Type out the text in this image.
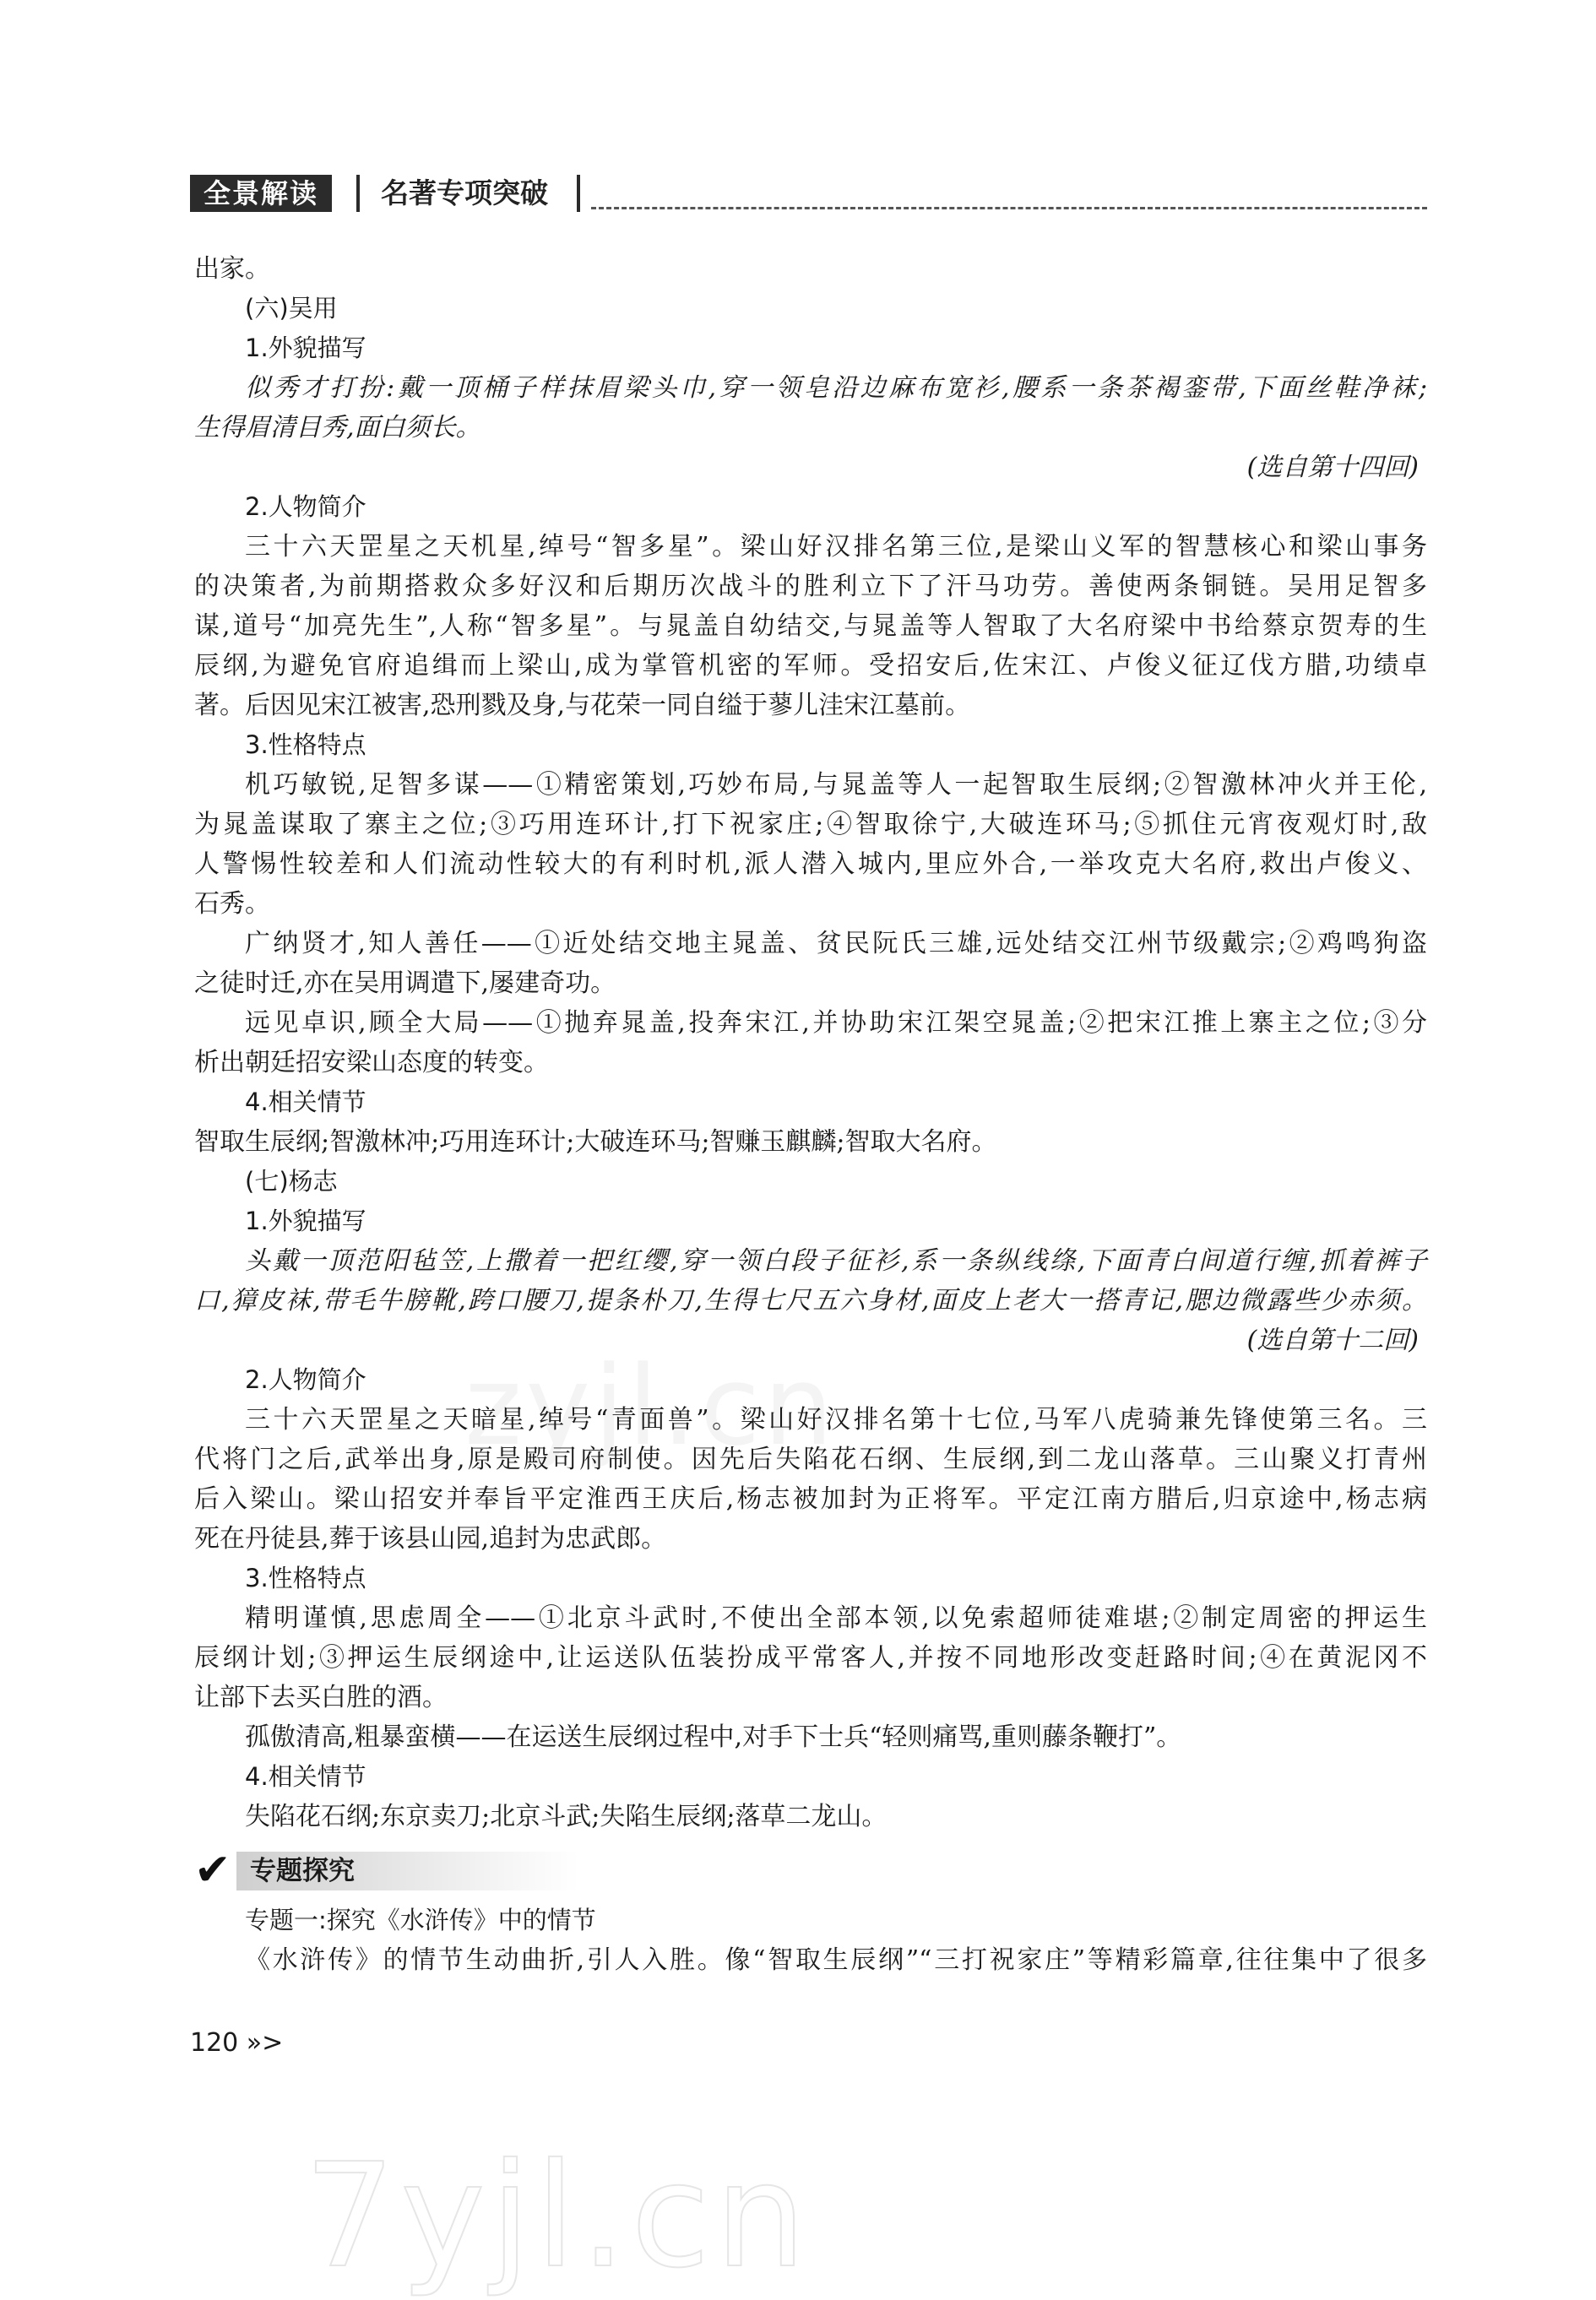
全景解读	名著专项突破

出家。

(六)吴用

1.外貌描写

似秀才打扮:戴一顶桶子样抹眉梁头巾,穿一领皂沿边麻布宽衫,腰系一条茶褐銮带,下面丝鞋净袜;

生得眉清目秀,面白须长。

(选自第十四回)

2.人物简介

三十六天罡星之天机星,绰号“智多星”。梁山好汉排名第三位,是梁山义军的智慧核心和梁山事务

的决策者,为前期搭救众多好汉和后期历次战斗的胜利立下了汗马功劳。善使两条铜链。吴用足智多

谋,道号“加亮先生”,人称“智多星”。与晁盖自幼结交,与晁盖等人智取了大名府梁中书给蔡京贺寿的生

辰纲,为避免官府追缉而上梁山,成为掌管机密的军师。受招安后,佐宋江、卢俊义征辽伐方腊,功绩卓

著。后因见宋江被害,恐刑戮及身,与花荣一同自缢于蓼儿洼宋江墓前。

3.性格特点

机巧敏锐,足智多谋——①精密策划,巧妙布局,与晁盖等人一起智取生辰纲;②智激林冲火并王伦,

为晁盖谋取了寨主之位;③巧用连环计,打下祝家庄;④智取徐宁,大破连环马;⑤抓住元宵夜观灯时,敌

人警惕性较差和人们流动性较大的有利时机,派人潜入城内,里应外合,一举攻克大名府,救出卢俊义、

石秀。

广纳贤才,知人善任——①近处结交地主晁盖、贫民阮氏三雄,远处结交江州节级戴宗;②鸡鸣狗盗

之徒时迁,亦在吴用调遣下,屡建奇功。

远见卓识,顾全大局——①抛弃晁盖,投奔宋江,并协助宋江架空晁盖;②把宋江推上寨主之位;③分

析出朝廷招安梁山态度的转变。

4.相关情节

智取生辰纲;智激林冲;巧用连环计;大破连环马;智赚玉麒麟;智取大名府。

(七)杨志

1.外貌描写

头戴一顶范阳毡笠,上撒着一把红缨,穿一领白段子征衫,系一条纵线绦,下面青白间道行缠,抓着裤子

口,獐皮袜,带毛牛膀靴,跨口腰刀,提条朴刀,生得七尺五六身材,面皮上老大一搭青记,腮边微露些少赤须。

(选自第十二回)

2.人物简介

三十六天罡星之天暗星,绰号“青面兽”。梁山好汉排名第十七位,马军八虎骑兼先锋使第三名。三

代将门之后,武举出身,原是殿司府制使。因先后失陷花石纲、生辰纲,到二龙山落草。三山聚义打青州

后入梁山。梁山招安并奉旨平定淮西王庆后,杨志被加封为正将军。平定江南方腊后,归京途中,杨志病

死在丹徒县,葬于该县山园,追封为忠武郎。

3.性格特点

精明谨慎,思虑周全——①北京斗武时,不使出全部本领,以免索超师徒难堪;②制定周密的押运生

辰纲计划;③押运生辰纲途中,让运送队伍装扮成平常客人,并按不同地形改变赶路时间;④在黄泥冈不

让部下去买白胜的酒。

孤傲清高,粗暴蛮横——在运送生辰纲过程中,对手下士兵“轻则痛骂,重则藤条鞭打”。

4.相关情节

失陷花石纲;东京卖刀;北京斗武;失陷生辰纲;落草二龙山。

✔ 专题探究

专题一:探究《水浒传》中的情节

《水浒传》的情节生动曲折,引人入胜。像“智取生辰纲”“三打祝家庄”等精彩篇章,往往集中了很多

120 »>
7yjl.cn
